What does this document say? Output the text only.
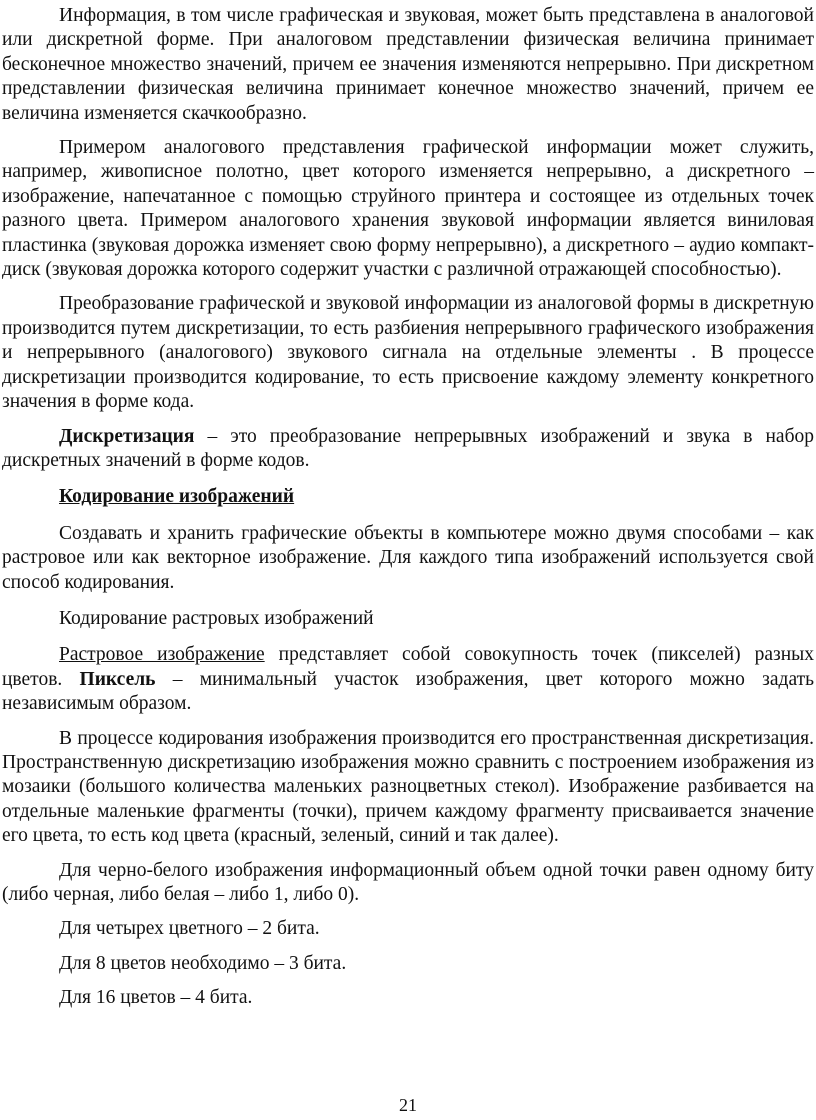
Информация, в том числе графическая и звуковая, может быть представлена в аналоговой или дискретной форме. При аналоговом представлении физическая величина принимает бесконечное множество значений, причем ее значения изменяются непрерывно. При дискретном представлении физическая величина принимает конечное множество значений, причем ее величина изменяется скачкообразно.

Примером аналогового представления графической информации может служить, например, живописное полотно, цвет которого изменяется непрерывно, а дискретного – изображение, напечатанное с помощью струйного принтера и состоящее из отдельных точек разного цвета. Примером аналогового хранения звуковой информации является виниловая пластинка (звуковая дорожка изменяет свою форму непрерывно), а дискретного – аудио компакт-диск (звуковая дорожка которого содержит участки с различной отражающей способностью).

Преобразование графической и звуковой информации из аналоговой формы в дискретную производится путем дискретизации, то есть разбиения непрерывного графического изображения и непрерывного (аналогового) звукового сигнала на отдельные элементы . В процессе дискретизации производится кодирование, то есть присвоение каждому элементу конкретного значения в форме кода.

Дискретизация – это преобразование непрерывных изображений и звука в набор дискретных значений в форме кодов.

Кодирование изображений

Создавать и хранить графические объекты в компьютере можно двумя способами – как растровое или как векторное изображение. Для каждого типа изображений используется свой способ кодирования.

Кодирование растровых изображений

Растровое изображение представляет собой совокупность точек (пикселей) разных цветов. Пиксель – минимальный участок изображения, цвет которого можно задать независимым образом.

В процессе кодирования изображения производится его пространственная дискретизация. Пространственную дискретизацию изображения можно сравнить с построением изображения из мозаики (большого количества маленьких разноцветных стекол). Изображение разбивается на отдельные маленькие фрагменты (точки), причем каждому фрагменту присваивается значение его цвета, то есть код цвета (красный, зеленый, синий и так далее).

Для черно-белого изображения информационный объем одной точки равен одному биту (либо черная, либо белая – либо 1, либо 0).

Для четырех цветного – 2 бита.

Для 8 цветов необходимо – 3 бита.

Для 16 цветов – 4 бита.

21
